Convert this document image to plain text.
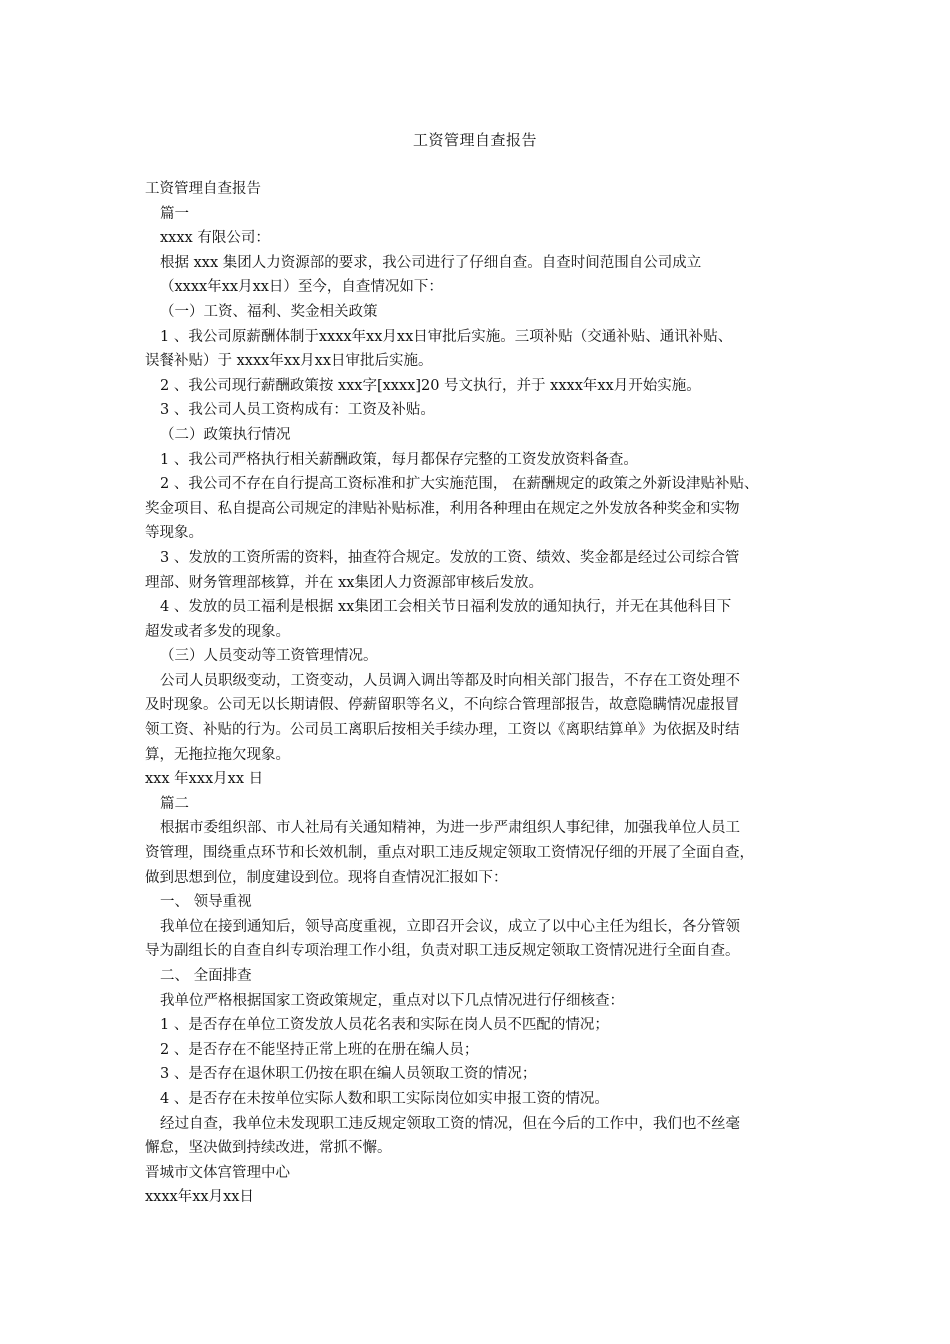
工资管理自查报告
工资管理自查报告
篇一
xxxx 有限公司：
根据 xxx 集团人力资源部的要求，我公司进行了仔细自查。自查时间范围自公司成立
（xxxx年xx月xx日）至今，自查情况如下：
（一）工资、福利、奖金相关政策
1 、我公司原薪酬体制于xxxx年xx月xx日审批后实施。三项补贴（交通补贴、通讯补贴、
误餐补贴）于 xxxx年xx月xx日审批后实施。
2 、我公司现行薪酬政策按 xxx字[xxxx]20 号文执行，并于 xxxx年xx月开始实施。
3 、我公司人员工资构成有：工资及补贴。
（二）政策执行情况
1 、我公司严格执行相关薪酬政策，每月都保存完整的工资发放资料备查。
2 、我公司不存在自行提高工资标准和扩大实施范围， 在薪酬规定的政策之外新设津贴补贴、
奖金项目、私自提高公司规定的津贴补贴标准，利用各种理由在规定之外发放各种奖金和实物
等现象。
3 、发放的工资所需的资料，抽查符合规定。发放的工资、绩效、奖金都是经过公司综合管
理部、财务管理部核算，并在 xx集团人力资源部审核后发放。
4 、发放的员工福利是根据 xx集团工会相关节日福利发放的通知执行，并无在其他科目下
超发或者多发的现象。
（三）人员变动等工资管理情况。
公司人员职级变动，工资变动，人员调入调出等都及时向相关部门报告，不存在工资处理不
及时现象。公司无以长期请假、停薪留职等名义，不向综合管理部报告，故意隐瞒情况虚报冒
领工资、补贴的行为。公司员工离职后按相关手续办理，工资以《离职结算单》为依据及时结
算，无拖拉拖欠现象。
xxx 年xxx月xx 日
篇二
根据市委组织部、市人社局有关通知精神，为进一步严肃组织人事纪律，加强我单位人员工
资管理，围绕重点环节和长效机制，重点对职工违反规定领取工资情况仔细的开展了全面自查，
做到思想到位，制度建设到位。现将自查情况汇报如下：
一、 领导重视
我单位在接到通知后，领导高度重视，立即召开会议，成立了以中心主任为组长，各分管领
导为副组长的自查自纠专项治理工作小组，负责对职工违反规定领取工资情况进行全面自查。
二、 全面排查
我单位严格根据国家工资政策规定，重点对以下几点情况进行仔细核查：
1 、是否存在单位工资发放人员花名表和实际在岗人员不匹配的情况；
2 、是否存在不能坚持正常上班的在册在编人员；
3 、是否存在退休职工仍按在职在编人员领取工资的情况；
4 、是否存在未按单位实际人数和职工实际岗位如实申报工资的情况。
经过自查，我单位未发现职工违反规定领取工资的情况，但在今后的工作中，我们也不丝毫
懈怠，坚决做到持续改进，常抓不懈。
晋城市文体宫管理中心
xxxx年xx月xx日
